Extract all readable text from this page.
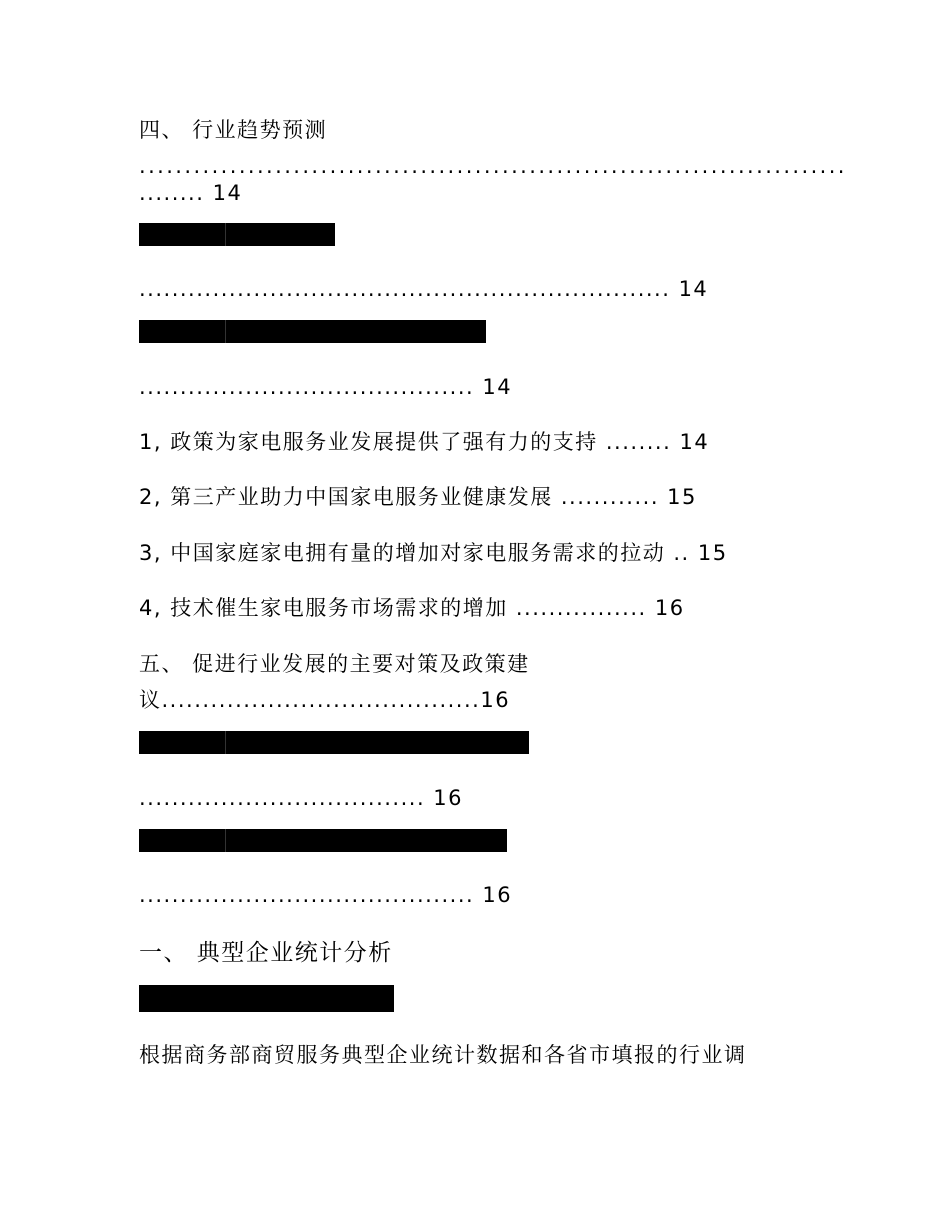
四、 行业趋势预测
..............................................................................
........ 14
................................................................. 14
......................................... 14
1, 政策为家电服务业发展提供了强有力的支持 ........ 14
2, 第三产业助力中国家电服务业健康发展 ............ 15
3, 中国家庭家电拥有量的增加对家电服务需求的拉动 .. 15
4, 技术催生家电服务市场需求的增加 ................ 16
五、 促进行业发展的主要对策及政策建
议.......................................16
................................... 16
......................................... 16
一、 典型企业统计分析
根据商务部商贸服务典型企业统计数据和各省市填报的行业调
